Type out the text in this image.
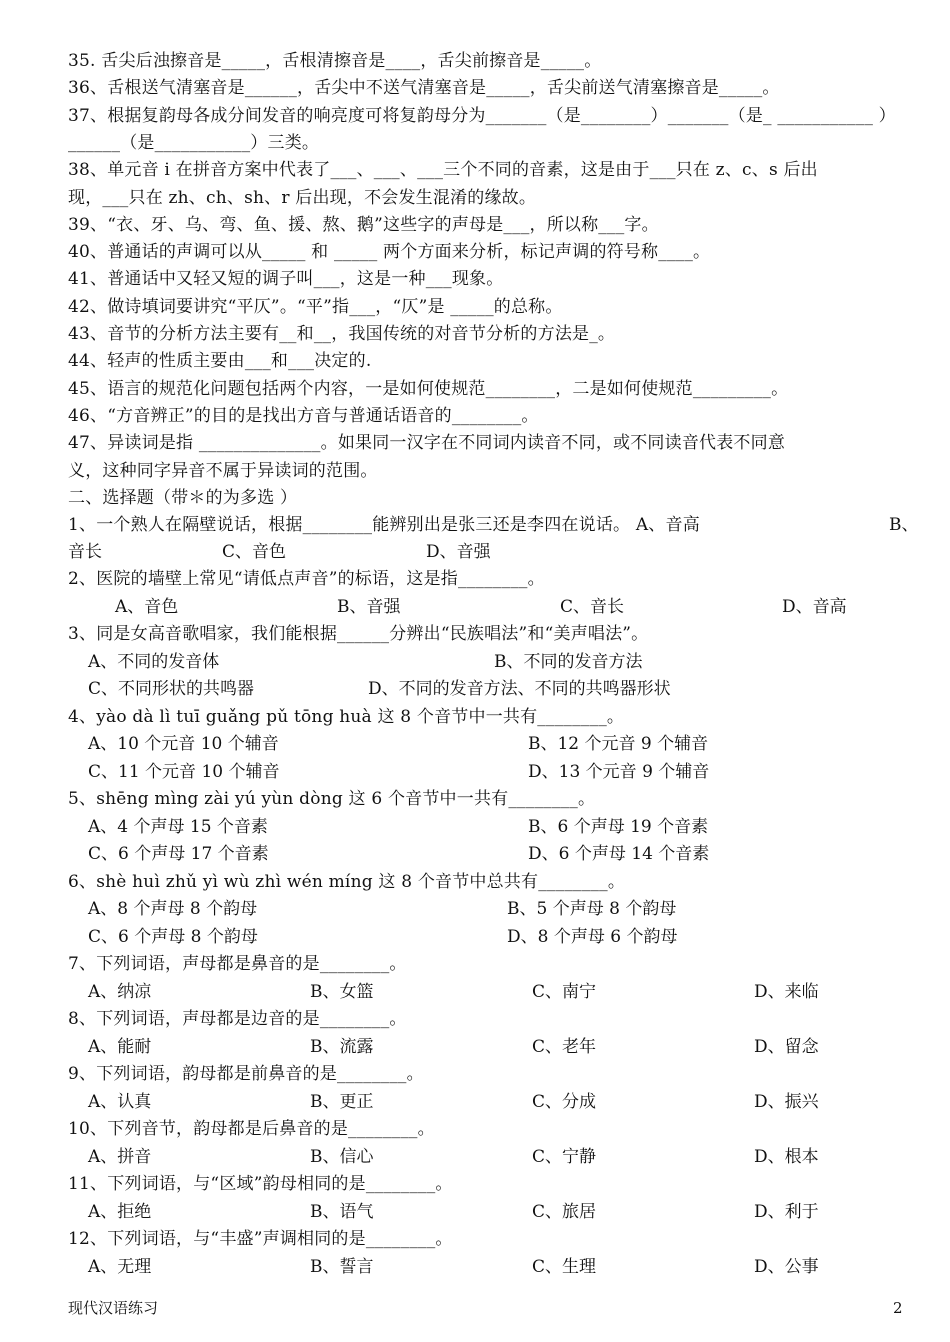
35. 舌尖后浊擦音是_____，舌根清擦音是____，舌尖前擦音是_____。
36、舌根送气清塞音是______，舌尖中不送气清塞音是_____，舌尖前送气清塞擦音是_____。
37、根据复韵母各成分间发音的响亮度可将复韵母分为_______（是________）_______（是_ ___________ ）
______（是___________）三类。
38、单元音 i 在拼音方案中代表了___、___、___三个不同的音素，这是由于___只在 z、c、s 后出
现，___只在 zh、ch、sh、r 后出现，不会发生混淆的缘故。
39、“衣、牙、乌、弯、鱼、援、熬、鹅”这些字的声母是___，所以称___字。
40、普通话的声调可以从_____ 和 _____ 两个方面来分析，标记声调的符号称____。
41、普通话中又轻又短的调子叫___，这是一种___现象。
42、做诗填词要讲究“平仄”。“平”指___，“仄”是 _____的总称。
43、音节的分析方法主要有__和__，我国传统的对音节分析的方法是_。
44、轻声的性质主要由___和___决定的.
45、语言的规范化问题包括两个内容，一是如何使规范________，二是如何使规范_________。
46、“方音辨正”的目的是找出方音与普通话语音的________。
47、异读词是指 ______________。如果同一汉字在不同词内读音不同，或不同读音代表不同意
义，这种同字异音不属于异读词的范围。
二、选择题（带＊的为多选 ）
1、一个熟人在隔壁说话，根据________能辨别出是张三还是李四在说话。 A、音高	B、
音长	C、音色	D、音强
2、医院的墙壁上常见“请低点声音”的标语，这是指________。
A、音色	B、音强	C、音长	D、音高
3、同是女高音歌唱家，我们能根据______分辨出“民族唱法”和“美声唱法”。
A、不同的发音体	B、不同的发音方法
C、不同形状的共鸣器	D、不同的发音方法、不同的共鸣器形状
4、yào dà lì tuī guǎng pǔ tōng huà 这 8 个音节中一共有________。
A、10 个元音 10 个辅音	B、12 个元音 9 个辅音
C、11 个元音 10 个辅音	D、13 个元音 9 个辅音
5、shēng mìng zài yú yùn dòng 这 6 个音节中一共有________。
A、4 个声母 15 个音素	B、6 个声母 19 个音素
C、6 个声母 17 个音素	D、6 个声母 14 个音素
6、shè huì zhǔ yì wù zhì wén míng 这 8 个音节中总共有________。
A、8 个声母 8 个韵母	B、5 个声母 8 个韵母
C、6 个声母 8 个韵母	D、8 个声母 6 个韵母
7、下列词语，声母都是鼻音的是________。
A、纳凉	B、女篮	C、南宁	D、来临
8、下列词语，声母都是边音的是________。
A、能耐	B、流露	C、老年	D、留念
9、下列词语，韵母都是前鼻音的是________。
A、认真	B、更正	C、分成	D、振兴
10、下列音节，韵母都是后鼻音的是________。
A、拼音	B、信心	C、宁静	D、根本
11、下列词语，与“区域”韵母相同的是________。
A、拒绝	B、语气	C、旅居	D、利于
12、下列词语，与“丰盛”声调相同的是________。
A、无理	B、誓言	C、生理	D、公事
现代汉语练习	2
